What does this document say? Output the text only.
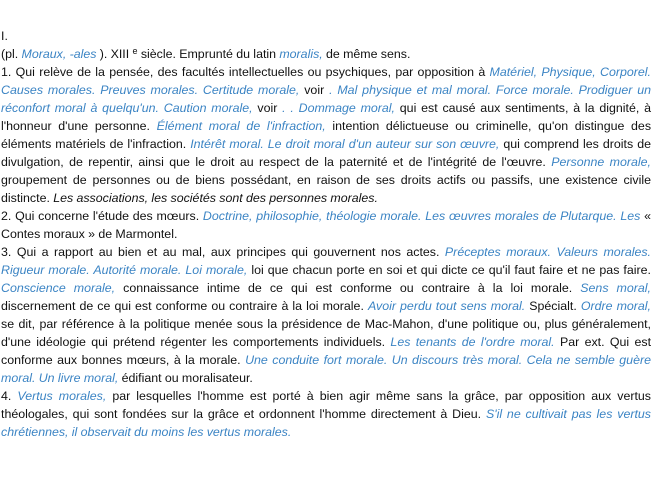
I.

(pl. Moraux, -ales ). XIII $^e$ siècle. Emprunté du latin moralis, de même sens.

1. Qui relève de la pensée, des facultés intellectuelles ou psychiques, par opposition à Matériel, Physique, Corporel. Causes morales. Preuves morales. Certitude morale, voir . Mal physique et mal moral. Force morale. Prodiguer un réconfort moral à quelqu'un. Caution morale, voir . . Dommage moral, qui est causé aux sentiments, à la dignité, à l'honneur d'une personne. Élément moral de l'infraction, intention délictueuse ou criminelle, qu'on distingue des éléments matériels de l'infraction. Intérêt moral. Le droit moral d'un auteur sur son œuvre, qui comprend les droits de divulgation, de repentir, ainsi que le droit au respect de la paternité et de l'intégrité de l'œuvre. Personne morale, groupement de personnes ou de biens possédant, en raison de ses droits actifs ou passifs, une existence civile distincte. Les associations, les sociétés sont des personnes morales.

2. Qui concerne l'étude des mœurs. Doctrine, philosophie, théologie morale. Les œuvres morales de Plutarque. Les « Contes moraux » de Marmontel.

3. Qui a rapport au bien et au mal, aux principes qui gouvernent nos actes. Préceptes moraux. Valeurs morales. Rigueur morale. Autorité morale. Loi morale, loi que chacun porte en soi et qui dicte ce qu'il faut faire et ne pas faire. Conscience morale, connaissance intime de ce qui est conforme ou contraire à la loi morale. Sens moral, discernement de ce qui est conforme ou contraire à la loi morale. Avoir perdu tout sens moral. Spécialt. Ordre moral, se dit, par référence à la politique menée sous la présidence de Mac-Mahon, d'une politique ou, plus généralement, d'une idéologie qui prétend régenter les comportements individuels. Les tenants de l'ordre moral. Par ext. Qui est conforme aux bonnes mœurs, à la morale. Une conduite fort morale. Un discours très moral. Cela ne semble guère moral. Un livre moral, édifiant ou moralisateur.

4. Vertus morales, par lesquelles l'homme est porté à bien agir même sans la grâce, par opposition aux vertus théologales, qui sont fondées sur la grâce et ordonnent l'homme directement à Dieu. S'il ne cultivait pas les vertus chrétiennes, il observait du moins les vertus morales.
